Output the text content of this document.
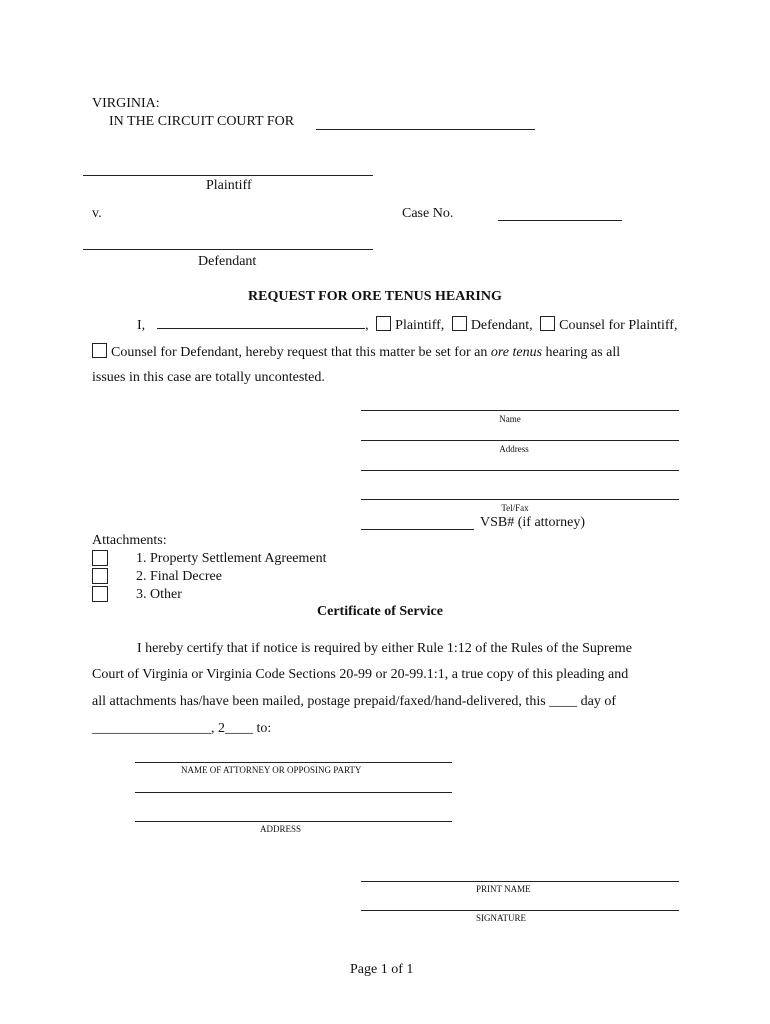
VIRGINIA:
IN THE CIRCUIT COURT FOR
Plaintiff
v.	Case No.
Defendant
REQUEST FOR ORE TENUS HEARING
I,	, Plaintiff, Defendant, Counsel for Plaintiff,
Counsel for Defendant, hereby request that this matter be set for an ore tenus hearing as all
issues in this case are totally uncontested.
Name
Address
Tel/Fax
VSB# (if attorney)
Attachments:
1. Property Settlement Agreement
2. Final Decree
3. Other
Certificate of Service
I hereby certify that if notice is required by either Rule 1:12 of the Rules of the Supreme
Court of Virginia or Virginia Code Sections 20-99 or 20-99.1:1, a true copy of this pleading and
all attachments has/have been mailed, postage prepaid/faxed/hand-delivered, this ____ day of
_________________, 2____ to:
NAME OF ATTORNEY OR OPPOSING PARTY
ADDRESS
PRINT NAME
SIGNATURE
Page 1 of 1
